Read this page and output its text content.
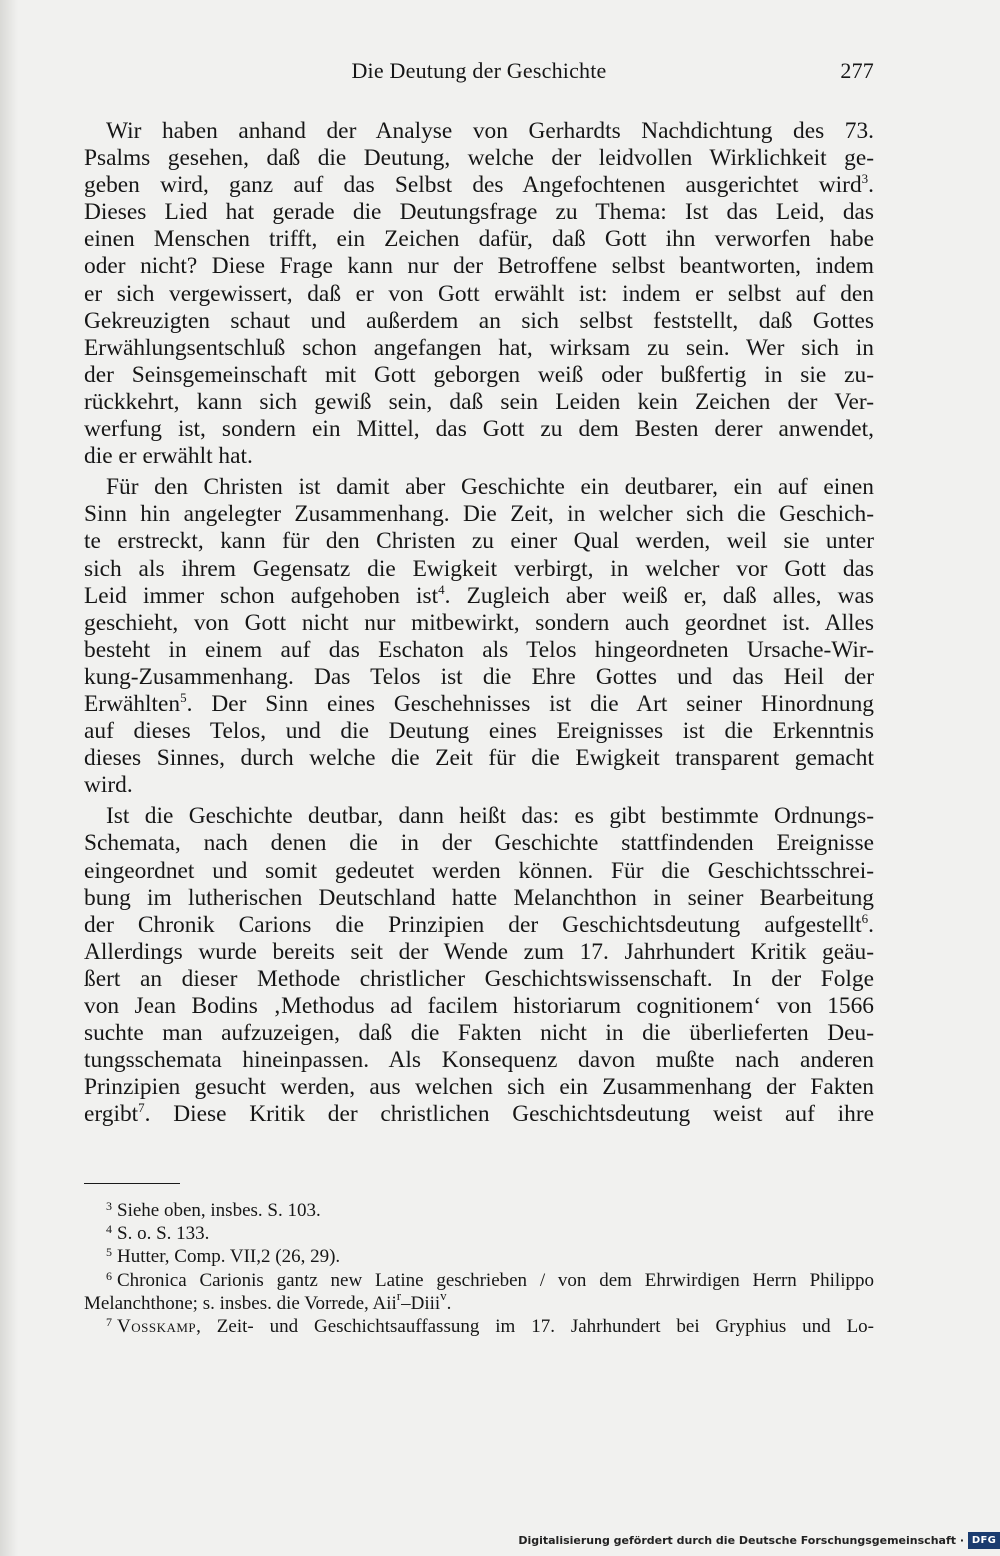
Die Deutung der Geschichte	277
Wir haben anhand der Analyse von Gerhardts Nachdichtung des 73.
Psalms gesehen, daß die Deutung, welche der leidvollen Wirklichkeit ge-
geben wird, ganz auf das Selbst des Angefochtenen ausgerichtet wird$^3$.
Dieses Lied hat gerade die Deutungsfrage zu Thema: Ist das Leid, das
einen Menschen trifft, ein Zeichen dafür, daß Gott ihn verworfen habe
oder nicht? Diese Frage kann nur der Betroffene selbst beantworten, indem
er sich vergewissert, daß er von Gott erwählt ist: indem er selbst auf den
Gekreuzigten schaut und außerdem an sich selbst feststellt, daß Gottes
Erwählungsentschluß schon angefangen hat, wirksam zu sein. Wer sich in
der Seinsgemeinschaft mit Gott geborgen weiß oder bußfertig in sie zu-
rückkehrt, kann sich gewiß sein, daß sein Leiden kein Zeichen der Ver-
werfung ist, sondern ein Mittel, das Gott zu dem Besten derer anwendet,
die er erwählt hat.
Für den Christen ist damit aber Geschichte ein deutbarer, ein auf einen
Sinn hin angelegter Zusammenhang. Die Zeit, in welcher sich die Geschich-
te erstreckt, kann für den Christen zu einer Qual werden, weil sie unter
sich als ihrem Gegensatz die Ewigkeit verbirgt, in welcher vor Gott das
Leid immer schon aufgehoben ist$^4$. Zugleich aber weiß er, daß alles, was
geschieht, von Gott nicht nur mitbewirkt, sondern auch geordnet ist. Alles
besteht in einem auf das Eschaton als Telos hingeordneten Ursache-Wir-
kung-Zusammenhang. Das Telos ist die Ehre Gottes und das Heil der
Erwählten$^5$. Der Sinn eines Geschehnisses ist die Art seiner Hinordnung
auf dieses Telos, und die Deutung eines Ereignisses ist die Erkenntnis
dieses Sinnes, durch welche die Zeit für die Ewigkeit transparent gemacht
wird.
Ist die Geschichte deutbar, dann heißt das: es gibt bestimmte Ordnungs-
Schemata, nach denen die in der Geschichte stattfindenden Ereignisse
eingeordnet und somit gedeutet werden können. Für die Geschichtsschrei-
bung im lutherischen Deutschland hatte Melanchthon in seiner Bearbeitung
der Chronik Carions die Prinzipien der Geschichtsdeutung aufgestellt$^6$.
Allerdings wurde bereits seit der Wende zum 17. Jahrhundert Kritik geäu-
ßert an dieser Methode christlicher Geschichtswissenschaft. In der Folge
von Jean Bodins ‚Methodus ad facilem historiarum cognitionem‘ von 1566
suchte man aufzuzeigen, daß die Fakten nicht in die überlieferten Deu-
tungsschemata hineinpassen. Als Konsequenz davon mußte nach anderen
Prinzipien gesucht werden, aus welchen sich ein Zusammenhang der Fakten
ergibt$^7$. Diese Kritik der christlichen Geschichtsdeutung weist auf ihre
$^3$ Siehe oben, insbes. S. 103.
$^4$ S. o. S. 133.
$^5$ Hutter, Comp. VII,2 (26, 29).
$^6$ Chronica Carionis gantz new Latine geschrieben / von dem Ehrwirdigen Herrn Philippo
Melanchthone; s. insbes. die Vorrede, Aii$^r$–Diii$^v$.
$^7$ Vosskamp, Zeit- und Geschichtsauffassung im 17. Jahrhundert bei Gryphius und Lo-
Digitalisierung gefördert durch die Deutsche Forschungsgemeinschaft · DFG
